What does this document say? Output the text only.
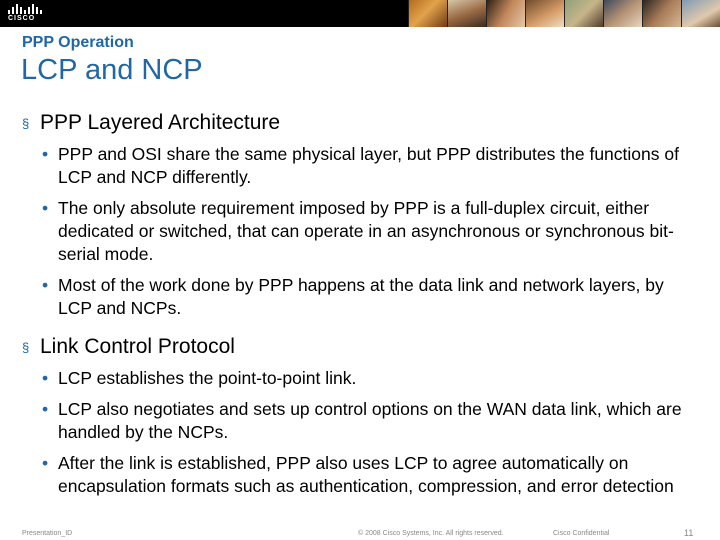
CISCO
PPP Operation
LCP and NCP
§ PPP Layered Architecture
• PPP and OSI share the same physical layer, but PPP distributes the functions of LCP and NCP differently.
• The only absolute requirement imposed by PPP is a full-duplex circuit, either dedicated or switched, that can operate in an asynchronous or synchronous bit-serial mode.
• Most of the work done by PPP happens at the data link and network layers, by LCP and NCPs.
§ Link Control Protocol
• LCP establishes the point-to-point link.
• LCP also negotiates and sets up control options on the WAN data link, which are handled by the NCPs.
• After the link is established, PPP also uses LCP to agree automatically on encapsulation formats such as authentication, compression, and error detection
Presentation_ID	© 2008 Cisco Systems, Inc. All rights reserved.	Cisco Confidential	11
